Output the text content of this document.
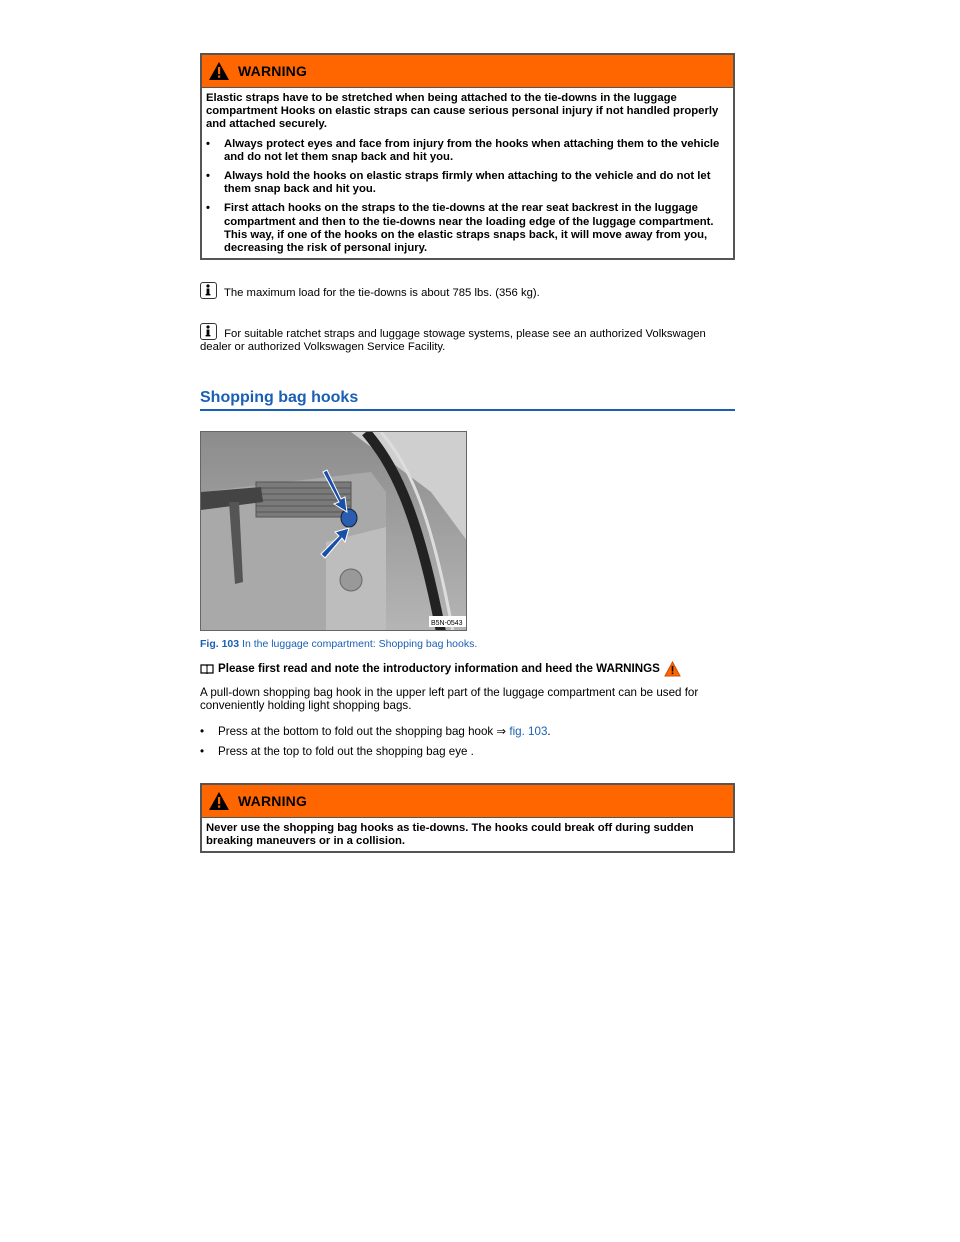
WARNING

Elastic straps have to be stretched when being attached to the tie-downs in the luggage compartment Hooks on elastic straps can cause serious personal injury if not handled properly and attached securely.

•	Always protect eyes and face from injury from the hooks when attaching them to the vehicle and do not let them snap back and hit you.
•	Always hold the hooks on elastic straps firmly when attaching to the vehicle and do not let them snap back and hit you.
•	First attach hooks on the straps to the tie-downs at the rear seat backrest in the luggage compartment and then to the tie-downs near the loading edge of the luggage compartment. This way, if one of the hooks on the elastic straps snaps back, it will move away from you, decreasing the risk of personal injury.
The maximum load for the tie-downs is about 785 lbs. (356 kg).
For suitable ratchet straps and luggage stowage systems, please see an authorized Volkswagen dealer or authorized Volkswagen Service Facility.
Shopping bag hooks
B5N-0543
Fig. 103 In the luggage compartment: Shopping bag hooks.
Please first read and note the introductory information and heed the WARNINGS
A pull-down shopping bag hook in the upper left part of the luggage compartment can be used for conveniently holding light shopping bags.
•	Press at the bottom to fold out the shopping bag hook ⇒ fig. 103.
•	Press at the top to fold out the shopping bag eye .
WARNING

Never use the shopping bag hooks as tie-downs. The hooks could break off during sudden breaking maneuvers or in a collision.
